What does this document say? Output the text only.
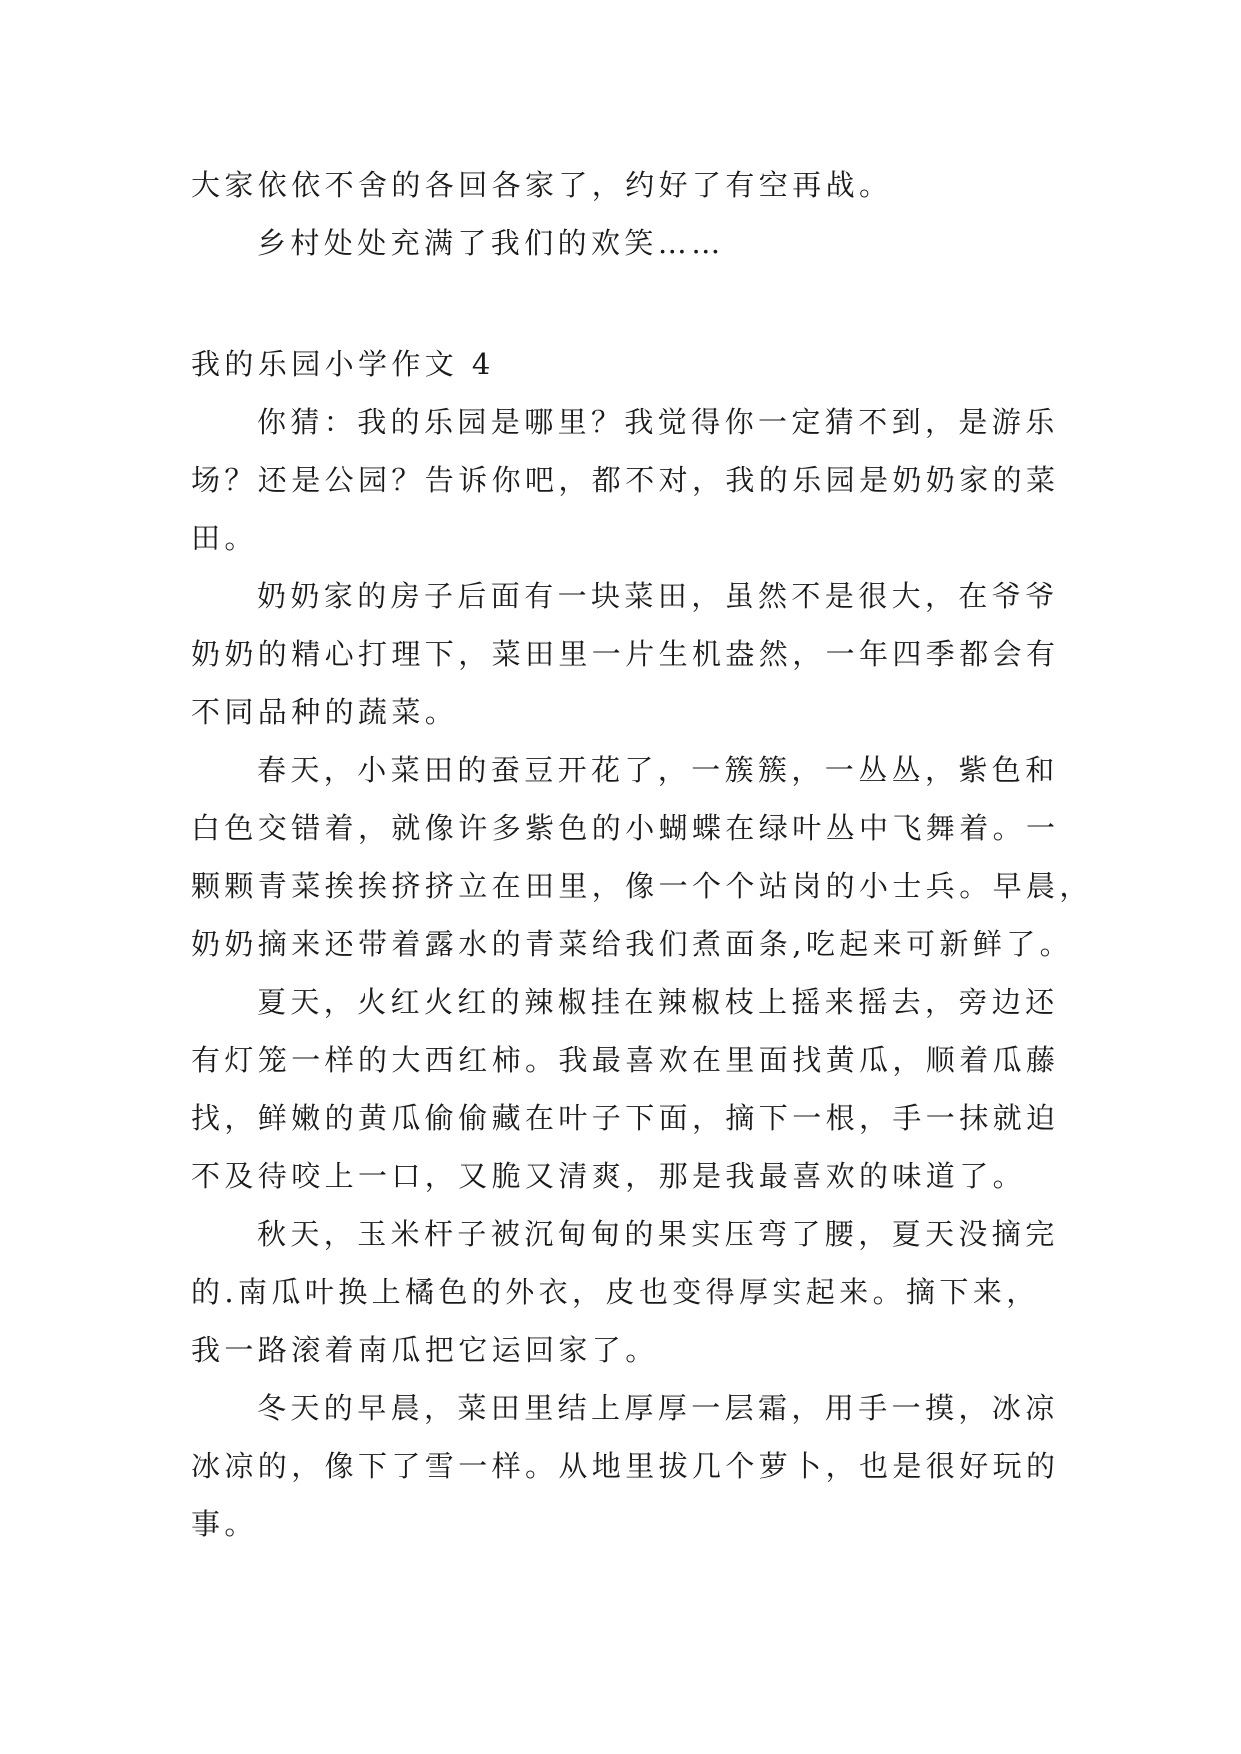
大家依依不舍的各回各家了，约好了有空再战。
乡村处处充满了我们的欢笑……
我的乐园小学作文 4
你猜：我的乐园是哪里？我觉得你一定猜不到，是游乐
场？还是公园？告诉你吧，都不对，我的乐园是奶奶家的菜
田。
奶奶家的房子后面有一块菜田，虽然不是很大，在爷爷
奶奶的精心打理下，菜田里一片生机盎然，一年四季都会有
不同品种的蔬菜。
春天，小菜田的蚕豆开花了，一簇簇，一丛丛，紫色和
白色交错着，就像许多紫色的小蝴蝶在绿叶丛中飞舞着。一
颗颗青菜挨挨挤挤立在田里，像一个个站岗的小士兵。早晨，
奶奶摘来还带着露水的青菜给我们煮面条,吃起来可新鲜了。
夏天，火红火红的辣椒挂在辣椒枝上摇来摇去，旁边还
有灯笼一样的大西红柿。我最喜欢在里面找黄瓜，顺着瓜藤
找，鲜嫩的黄瓜偷偷藏在叶子下面，摘下一根，手一抹就迫
不及待咬上一口，又脆又清爽，那是我最喜欢的味道了。
秋天，玉米杆子被沉甸甸的果实压弯了腰，夏天没摘完
的.南瓜叶换上橘色的外衣，皮也变得厚实起来。摘下来，
我一路滚着南瓜把它运回家了。
冬天的早晨，菜田里结上厚厚一层霜，用手一摸，冰凉
冰凉的，像下了雪一样。从地里拔几个萝卜，也是很好玩的
事。
